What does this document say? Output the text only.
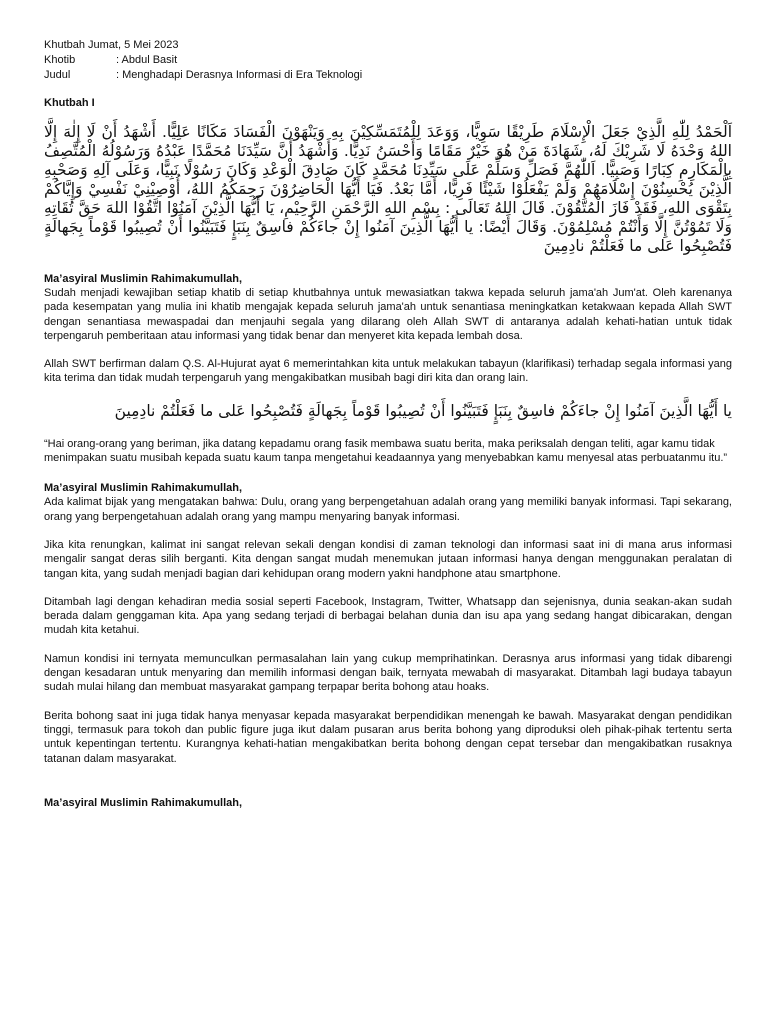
Khutbah Jumat, 5 Mei 2023
Khotib	: Abdul Basit
Judul	: Menghadapi Derasnya Informasi di Era Teknologi
Khutbah I
اَلْحَمْدُ لِلّٰهِ الَّذِيْ جَعَلَ الْإِسْلَامَ طَرِيْقًا سَوِيًّا، وَوَعَدَ لِلْمُتَمَسِّكِيْنَ بِهِ وَيَنْهَوْنَ الْفَسَادَ مَكَانًا عَلِيًّا. أَشْهَدُ أَنْ لَا إِلٰهَ إِلَّا اللهُ وَحْدَهُ لَا شَرِيْكَ لَهُ، شَهَادَةَ مَنْ هُوَ خَيْرٌ مَقَامًا وَأَحْسَنُ نَدِيًّا. وَأَشْهَدُ أَنَّ سَيِّدَنَا مُحَمَّدًا عَبْدُهُ وَرَسُوْلُهُ الْمُتَّصِفُ بِالْمَكَارِمِ كِبَارًا وَصَبِيًّا. اَللّٰهُمَّ فَصَلِّ وَسَلِّمْ عَلَى سَيِّدِنَا مُحَمَّدٍ كَانَ صَادِقَ الْوَعْدِ وَكَانَ رَسُوْلًا نَبِيًّا، وَعَلَى آلِهِ وَصَحْبِهِ الَّذِيْنَ يُحْسِنُوْنَ إِسْلَامَهُمْ وَلَمْ يَفْعَلُوْا شَيْئًا فَرِيًّا، أَمَّا بَعْدُ. فَيَا أَيُّهَا الْحَاضِرُوْنَ رَحِمَكُمُ اللهُ، أُوْصِيْنِيْ نَفْسِيْ وَإِيَّاكُمْ بِتَقْوَى اللهِ، فَقَدْ فَازَ الْمُتَّقُوْنَ. قَالَ اللهُ تَعَالَى : بِسْمِ اللهِ الرَّحْمَنِ الرَّحِيْمِ، يَا أَيُّهَا الَّذِيْنَ آمَنُوْا اتَّقُوْا اللهَ حَقَّ تُقَاتِهِ وَلَا تَمُوْتُنَّ إِلَّا وَأَنْتُمْ مُسْلِمُوْنَ. وَقَالَ أَيْضًا: يا أَيُّهَا الَّذِينَ آمَنُوا إِنْ جاءَكُمْ فاسِقٌ بِنَبَإٍ فَتَبَيَّنُوا أَنْ تُصِيبُوا قَوْماً بِجَهالَةٍ فَتُصْبِحُوا عَلى ما فَعَلْتُمْ نادِمِينَ
Ma’asyiral Muslimin Rahimakumullah,

Sudah menjadi kewajiban setiap khatib di setiap khutbahnya untuk mewasiatkan takwa kepada seluruh jama'ah Jum'at. Oleh karenanya pada kesempatan yang mulia ini khatib mengajak kepada seluruh jama'ah untuk senantiasa meningkatkan ketakwaan kepada Allah SWT dengan senantiasa mewaspadai dan menjauhi segala yang dilarang oleh Allah SWT di antaranya adalah kehati-hatian untuk tidak terpengaruh pemberitaan atau informasi yang tidak benar dan menyeret kita kepada lembah dosa.

Allah SWT berfirman dalam Q.S. Al-Hujurat ayat 6 memerintahkan kita untuk melakukan tabayun (klarifikasi) terhadap segala informasi yang kita terima dan tidak mudah terpengaruh yang mengakibatkan musibah bagi diri kita dan orang lain.

يا أَيُّهَا الَّذِينَ آمَنُوا إِنْ جاءَكُمْ فاسِقٌ بِنَبَإٍ فَتَبَيَّنُوا أَنْ تُصِيبُوا قَوْماً بِجَهالَةٍ فَتُصْبِحُوا عَلى ما فَعَلْتُمْ نادِمِينَ
“Hai orang-orang yang beriman, jika datang kepadamu orang fasik membawa suatu berita, maka periksalah dengan teliti, agar kamu tidak menimpakan suatu musibah kepada suatu kaum tanpa mengetahui keadaannya yang menyebabkan kamu menyesal atas perbuatanmu itu.”
Ma’asyiral Muslimin Rahimakumullah,

Ada kalimat bijak yang mengatakan bahwa: Dulu, orang yang berpengetahuan adalah orang yang memiliki banyak informasi. Tapi sekarang, orang yang berpengetahuan adalah orang yang mampu menyaring banyak informasi.

Jika kita renungkan, kalimat ini sangat relevan sekali dengan kondisi di zaman teknologi dan informasi saat ini di mana arus informasi mengalir sangat deras silih berganti. Kita dengan sangat mudah menemukan jutaan informasi hanya dengan menggunakan peralatan di tangan kita, yang sudah menjadi bagian dari kehidupan orang modern yakni handphone atau smartphone.

Ditambah lagi dengan kehadiran media sosial seperti Facebook, Instagram, Twitter, Whatsapp dan sejenisnya, dunia seakan-akan sudah berada dalam genggaman kita. Apa yang sedang terjadi di berbagai belahan dunia dan isu apa yang sedang hangat dibicarakan, dengan mudah kita ketahui.

Namun kondisi ini ternyata memunculkan permasalahan lain yang cukup memprihatinkan. Derasnya arus informasi yang tidak dibarengi dengan kesadaran untuk menyaring dan memilih informasi dengan baik, ternyata mewabah di masyarakat. Ditambah lagi budaya tabayun sudah mulai hilang dan membuat masyarakat gampang terpapar berita bohong atau hoaks.

Berita bohong saat ini juga tidak hanya menyasar kepada masyarakat berpendidikan menengah ke bawah. Masyarakat dengan pendidikan tinggi, termasuk para tokoh dan public figure juga ikut dalam pusaran arus berita bohong yang diproduksi oleh pihak-pihak tertentu serta untuk kepentingan tertentu. Kurangnya kehati-hatian mengakibatkan berita bohong dengan cepat tersebar dan mengakibatkan rusaknya tatanan dalam masyarakat.

Ma’asyiral Muslimin Rahimakumullah,
